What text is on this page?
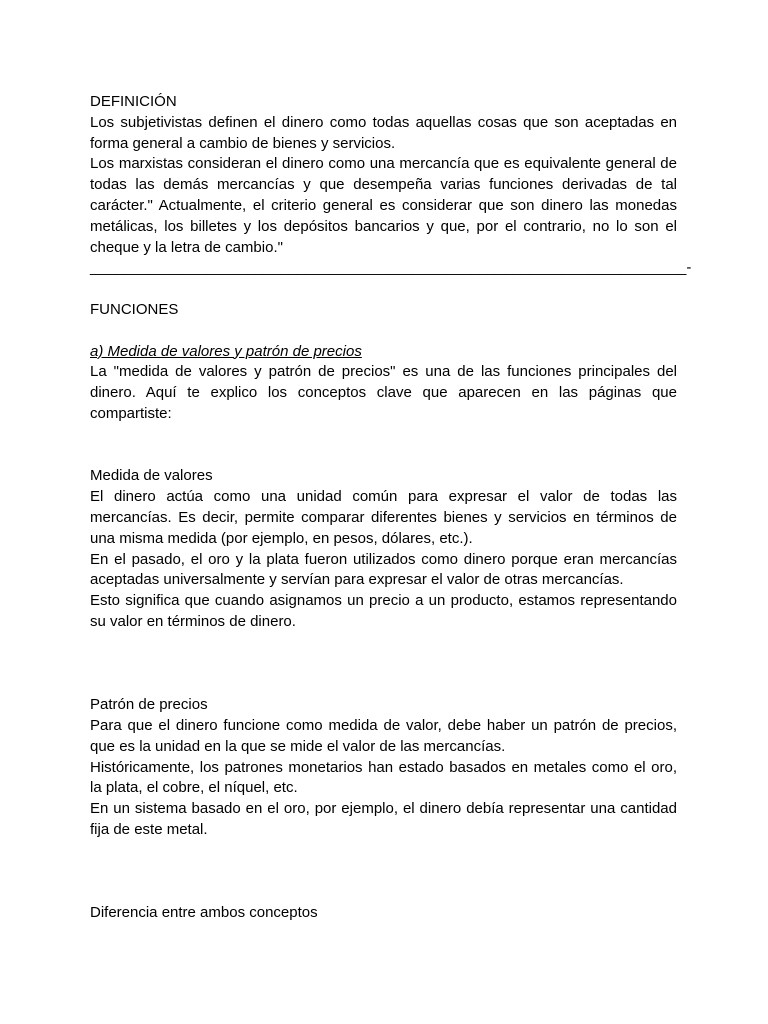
DEFINICIÓN

Los subjetivistas definen el dinero como todas aquellas cosas que son aceptadas en forma general a cambio de bienes y servicios.

Los marxistas consideran el dinero como una mercancía que es equivalente general de todas las demás mercancías y que desempeña varias funciones derivadas de tal carácter." Actualmente, el criterio general es considerar que son dinero las monedas metálicas, los billetes y los depósitos bancarios y que, por el contrario, no lo son el cheque y la letra de cambio."

________________________________________________________________________-

FUNCIONES

a) Medida de valores y patrón de precios

La "medida de valores y patrón de precios" es una de las funciones principales del dinero. Aquí te explico los conceptos clave que aparecen en las páginas que compartiste:

Medida de valores

El dinero actúa como una unidad común para expresar el valor de todas las mercancías. Es decir, permite comparar diferentes bienes y servicios en términos de una misma medida (por ejemplo, en pesos, dólares, etc.).

En el pasado, el oro y la plata fueron utilizados como dinero porque eran mercancías aceptadas universalmente y servían para expresar el valor de otras mercancías.

Esto significa que cuando asignamos un precio a un producto, estamos representando su valor en términos de dinero.

Patrón de precios

Para que el dinero funcione como medida de valor, debe haber un patrón de precios, que es la unidad en la que se mide el valor de las mercancías.

Históricamente, los patrones monetarios han estado basados en metales como el oro, la plata, el cobre, el níquel, etc.

En un sistema basado en el oro, por ejemplo, el dinero debía representar una cantidad fija de este metal.

Diferencia entre ambos conceptos
